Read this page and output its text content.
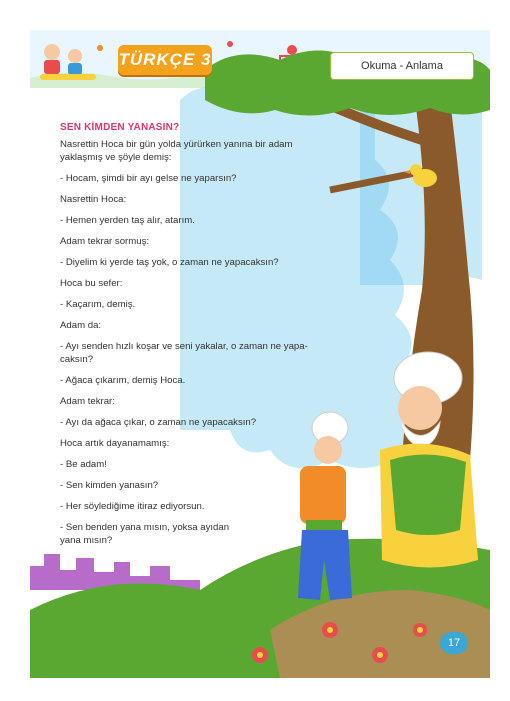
TÜRKÇE 3	Okuma - Anlama
SEN KİMDEN YANASIN?

Nasrettin Hoca bir gün yolda yürürken yanına bir adam
yaklaşmış ve şöyle demiş:

- Hocam, şimdi bir ayı gelse ne yaparsın?

Nasrettin Hoca:

- Hemen yerden taş alır, atarım.

Adam tekrar sormuş:

- Diyelim ki yerde taş yok, o zaman ne yapacaksın?

Hoca bu sefer:

- Kaçarım, demiş.

Adam da:

- Ayı senden hızlı koşar ve seni yakalar, o zaman ne yapa-
caksın?

- Ağaca çıkarım, demiş Hoca.

Adam tekrar:

- Ayı da ağaca çıkar, o zaman ne yapacaksın?

Hoca artık dayanamamış:

- Be adam!

- Sen kimden yanasın?

- Her söylediğime itiraz ediyorsun.

- Sen benden yana mısın, yoksa ayıdan
yana mısın?

17
